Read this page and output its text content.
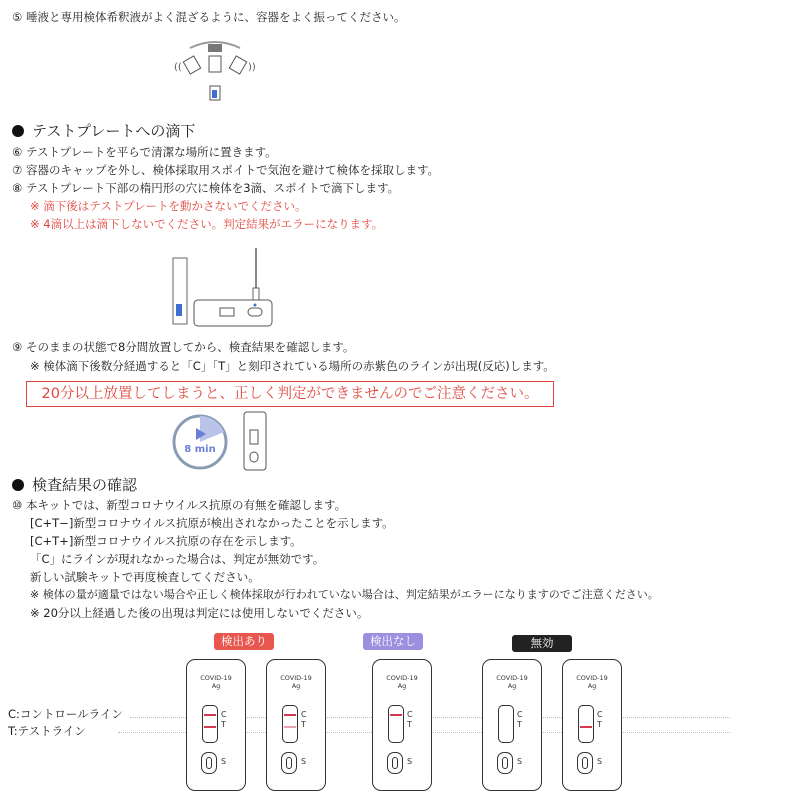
⑤ 唾液と専用検体希釈液がよく混ざるように、容器をよく振ってください。
((	))
テストプレートへの滴下
⑥ テストプレートを平らで清潔な場所に置きます。
⑦ 容器のキャップを外し、検体採取用スポイトで気泡を避けて検体を採取します。
⑧ テストプレート下部の楕円形の穴に検体を3滴、スポイトで滴下します。
※ 滴下後はテストプレートを動かさないでください。
※ 4滴以上は滴下しないでください。判定結果がエラーになります。
⑨ そのままの状態で8分間放置してから、検査結果を確認します。
※ 検体滴下後数分経過すると「C」「T」と刻印されている場所の赤紫色のラインが出現(反応)します。
20分以上放置してしまうと、正しく判定ができませんのでご注意ください。
8 min
検査結果の確認
⑩ 本キットでは、新型コロナウイルス抗原の有無を確認します。
[C+T−]新型コロナウイルス抗原が検出されなかったことを示します。
[C+T+]新型コロナウイルス抗原の存在を示します。
「C」にラインが現れなかった場合は、判定が無効です。
新しい試験キットで再度検査してください。
※ 検体の量が適量ではない場合や正しく検体採取が行われていない場合は、判定結果がエラーになりますのでご注意ください。
※ 20分以上経過した後の出現は判定には使用しないでください。
検出あり	検出なし	無効
C:コントロールライン
T:テストライン
COVID-19
Ag
C
T
S
COVID-19
Ag
C
T
S
COVID-19
Ag
C
T
S
COVID-19
Ag
C
T
S
COVID-19
Ag
C
T
S
